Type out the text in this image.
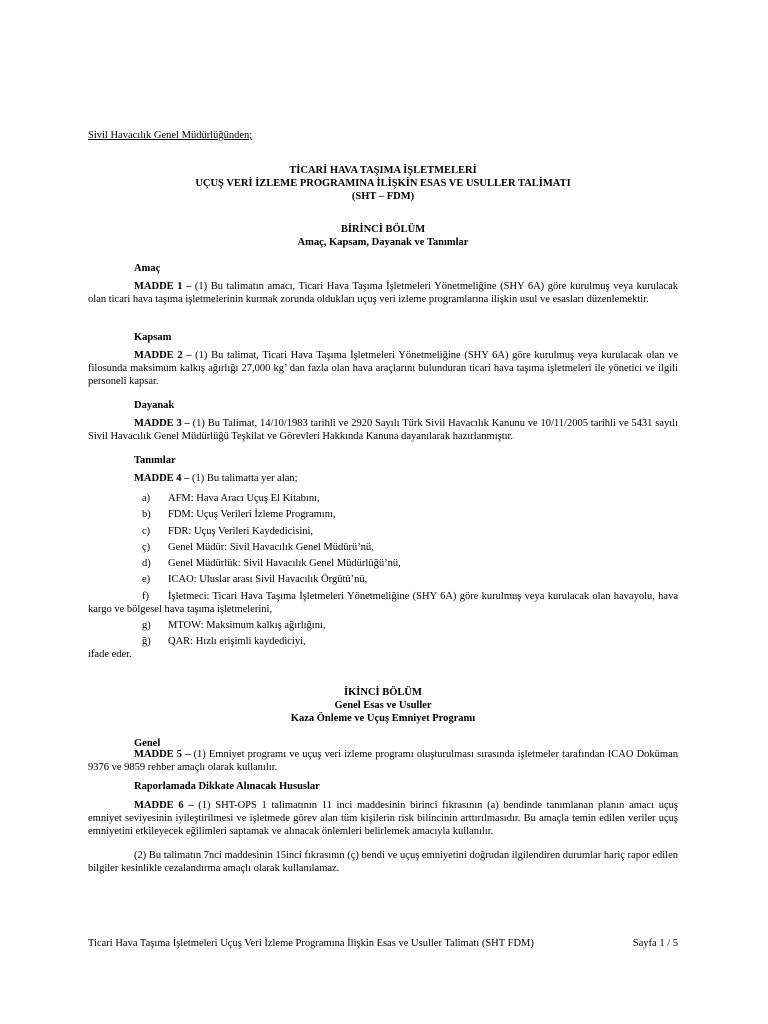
Sivil Havacılık Genel Müdürlüğünden;
TİCARİ HAVA TAŞIMA İŞLETMELERİ
UÇUŞ VERİ İZLEME PROGRAMINA İLİŞKİN ESAS VE USULLER TALİMATI
(SHT – FDM)
BİRİNCİ BÖLÜM
Amaç, Kapsam, Dayanak ve Tanımlar
Amaç
MADDE 1 – (1) Bu talimatın amacı, Ticari Hava Taşıma İşletmeleri Yönetmeliğine (SHY 6A) göre kurulmuş veya kurulacak olan ticari hava taşıma işletmelerinin kurmak zorunda oldukları uçuş veri izleme programlarına ilişkin usul ve esasları düzenlemektir.
Kapsam
MADDE 2 – (1) Bu talimat, Ticari Hava Taşıma İşletmeleri Yönetmeliğine (SHY 6A) göre kurulmuş veya kurulacak olan ve filosunda maksimum kalkış ağırlığı 27,000 kg’ dan fazla olan hava araçlarını bulunduran ticari hava taşıma işletmeleri ile yönetici ve ilgili personeli kapsar.
Dayanak
MADDE 3 – (1) Bu Talimat, 14/10/1983 tarihli ve 2920 Sayılı Türk Sivil Havacılık Kanunu ve 10/11/2005 tarihli ve 5431 sayılı Sivil Havacılık Genel Müdürlüğü Teşkilat ve Görevleri Hakkında Kanuna dayanılarak hazırlanmıştır.
Tanımlar
MADDE 4 – (1) Bu talimatta yer alan;
a) AFM: Hava Aracı Uçuş El Kitabını,
b) FDM: Uçuş Verileri İzleme Programını,
c) FDR: Uçuş Verileri Kaydedicisini,
ç) Genel Müdür: Sivil Havacılık Genel Müdürü’nü,
d) Genel Müdürlük: Sivil Havacılık Genel Müdürlüğü’nü,
e) ICAO: Uluslar arası Sivil Havacılık Örgütü’nü,
f) İşletmeci: Ticari Hava Taşıma İşletmeleri Yönetmeliğine (SHY 6A) göre kurulmuş veya kurulacak olan havayolu, hava kargo ve bölgesel hava taşıma işletmelerini,
g) MTOW: Maksimum kalkış ağırlığını,
ğ) QAR: Hızlı erişimli kaydediciyi,
ifade eder.
İKİNCİ BÖLÜM
Genel Esas ve Usuller
Kaza Önleme ve Uçuş Emniyet Programı
Genel
MADDE 5 – (1) Emniyet programı ve uçuş veri izleme programı oluşturulması sırasında işletmeler tarafından ICAO Doküman 9376 ve 9859 rehber amaçlı olarak kullanılır.
Raporlamada Dikkate Alınacak Hususlar
MADDE 6 – (1) SHT-OPS 1 talimatının 11 inci maddesinin birinci fıkrasının (a) bendinde tanımlanan planın amacı uçuş emniyet seviyesinin iyileştirilmesi ve işletmede görev alan tüm kişilerin risk bilincinin arttırılmasıdır. Bu amaçla temin edilen veriler uçuş emniyetini etkileyecek eğilimleri saptamak ve alınacak önlemleri belirlemek amacıyla kullanılır.
(2) Bu talimatın 7nci maddesinin 15inci fıkrasının (ç) bendi ve uçuş emniyetini doğrudan ilgilendiren durumlar hariç rapor edilen bilgiler kesinlikle cezalandırma amaçlı olarak kullanılamaz.
Ticari Hava Taşıma İşletmeleri Uçuş Veri İzleme Programına İlişkin Esas ve Usuller Talimatı (SHT FDM)	Sayfa 1 / 5
